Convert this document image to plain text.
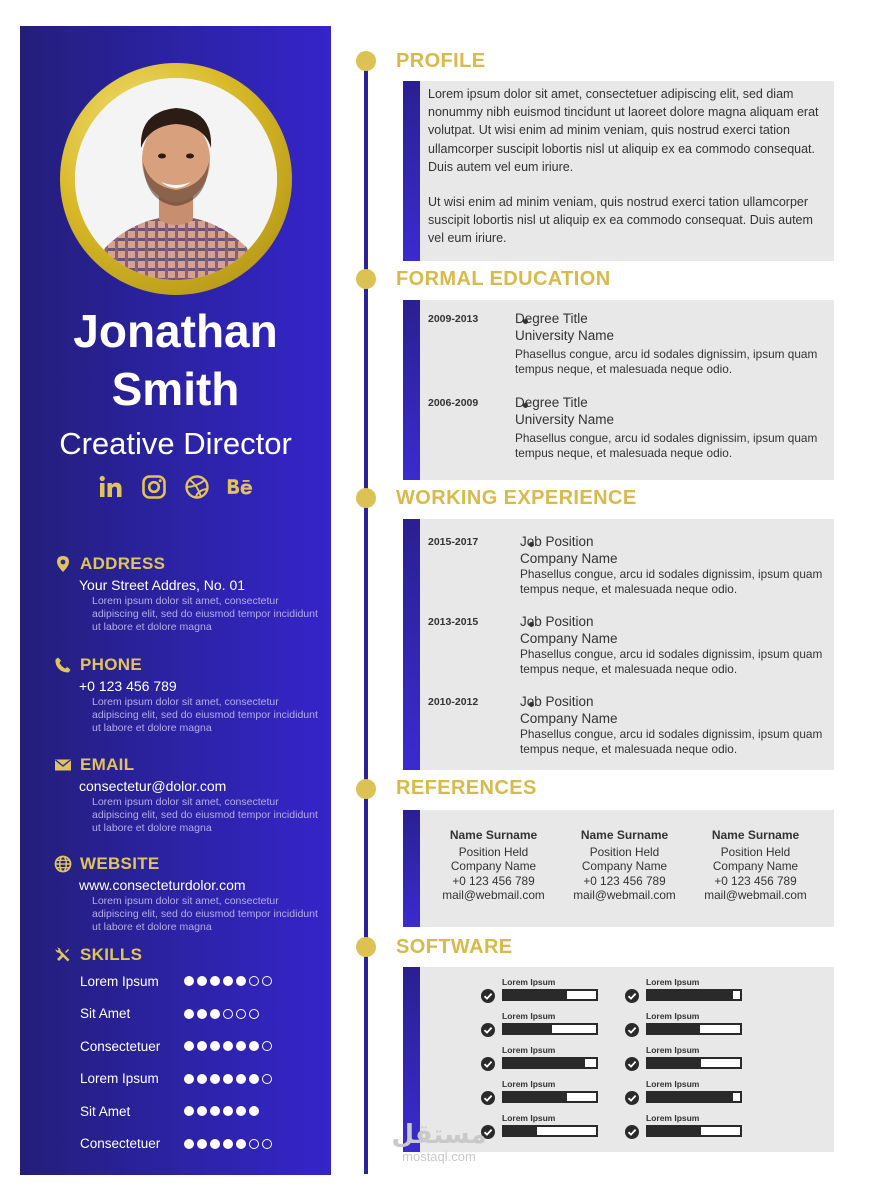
Jonathan
Smith
Creative Director
ADDRESS
Your Street Addres, No. 01
Lorem ipsum dolor sit amet, consectetur adipiscing elit, sed do eiusmod tempor incididunt ut labore et dolore magna
PHONE
+0 123 456 789
Lorem ipsum dolor sit amet, consectetur adipiscing elit, sed do eiusmod tempor incididunt ut labore et dolore magna
EMAIL
consectetur@dolor.com
Lorem ipsum dolor sit amet, consectetur adipiscing elit, sed do eiusmod tempor incididunt ut labore et dolore magna
WEBSITE
www.consecteturdolor.com
Lorem ipsum dolor sit amet, consectetur adipiscing elit, sed do eiusmod tempor incididunt ut labore et dolore magna
SKILLS
Lorem Ipsum
Sit Amet
Consectetuer
Lorem Ipsum
Sit Amet
Consectetuer
PROFILE

Lorem ipsum dolor sit amet, consectetuer adipiscing elit, sed diam nonummy nibh euismod tincidunt ut laoreet dolore magna aliquam erat volutpat. Ut wisi enim ad minim veniam, quis nostrud exerci tation ullamcorper suscipit lobortis nisl ut aliquip ex ea commodo consequat. Duis autem vel eum iriure.

Ut wisi enim ad minim veniam, quis nostrud exerci tation ullamcorper suscipit lobortis nisl ut aliquip ex ea commodo consequat. Duis autem vel eum iriure.

FORMAL EDUCATION
2009-2013	Degree Title
University Name
Phasellus congue, arcu id sodales dignissim, ipsum quam tempus neque, et malesuada neque odio.
2006-2009	Degree Title
University Name
Phasellus congue, arcu id sodales dignissim, ipsum quam tempus neque, et malesuada neque odio.
WORKING EXPERIENCE
2015-2017	Job Position
Company Name
Phasellus congue, arcu id sodales dignissim, ipsum quam tempus neque, et malesuada neque odio.
2013-2015	Job Position
Company Name
Phasellus congue, arcu id sodales dignissim, ipsum quam tempus neque, et malesuada neque odio.
2010-2012	Job Position
Company Name
Phasellus congue, arcu id sodales dignissim, ipsum quam tempus neque, et malesuada neque odio.
REFERENCES
Name Surname
Position Held
Company Name
+0 123 456 789
mail@webmail.com
Name Surname
Position Held
Company Name
+0 123 456 789
mail@webmail.com
Name Surname
Position Held
Company Name
+0 123 456 789
mail@webmail.com
SOFTWARE
Lorem Ipsum	Lorem Ipsum
Lorem Ipsum	Lorem Ipsum
Lorem Ipsum	Lorem Ipsum
Lorem Ipsum	Lorem Ipsum
Lorem Ipsum	Lorem Ipsum
مستقل
mostaql.com
